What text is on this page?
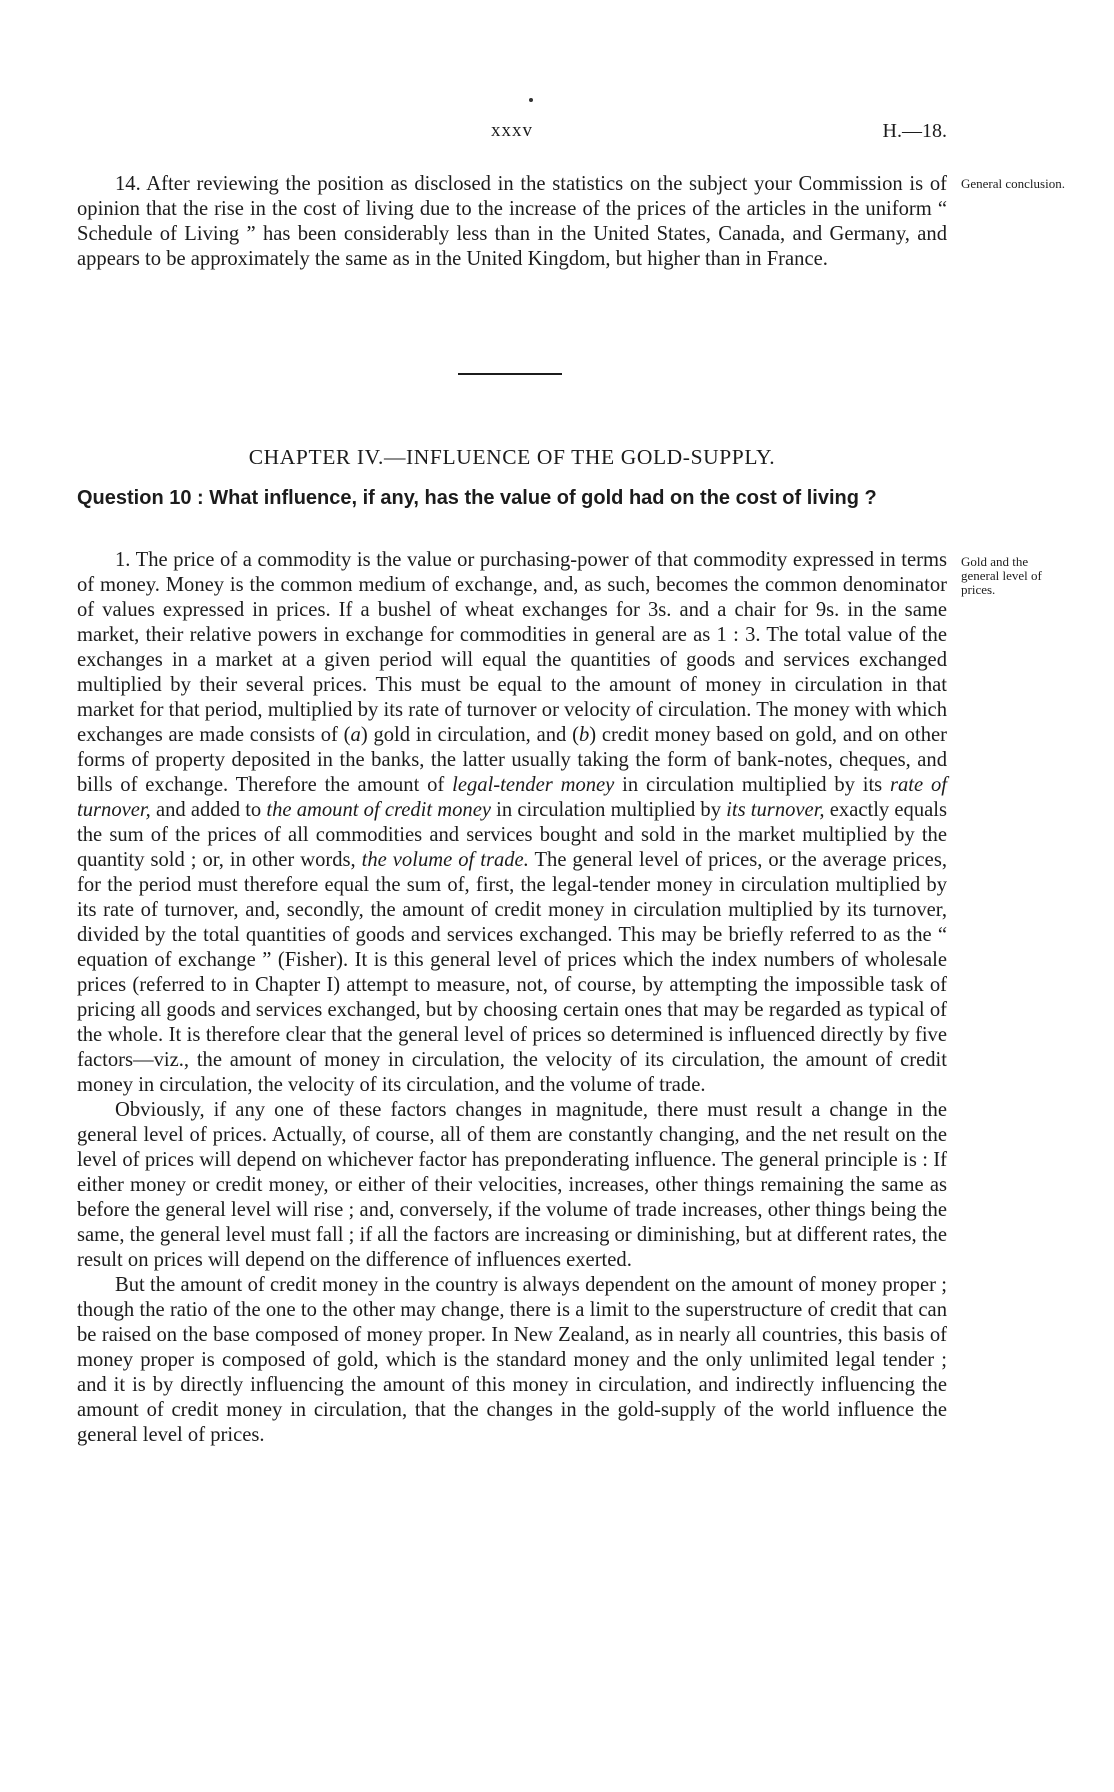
xxxv	H.—18.

14. After reviewing the position as disclosed in the statistics on the subject your Commission is of opinion that the rise in the cost of living due to the increase of the prices of the articles in the uniform “ Schedule of Living ” has been considerably less than in the United States, Canada, and Germany, and appears to be approximately the same as in the United Kingdom, but higher than in France.

General conclusion.
CHAPTER IV.—INFLUENCE OF THE GOLD-SUPPLY.
Question 10 : What influence, if any, has the value of gold had on the cost of living ?

1. The price of a commodity is the value or purchasing-power of that commodity expressed in terms of money. Money is the common medium of exchange, and, as such, becomes the common denominator of values expressed in prices. If a bushel of wheat exchanges for 3s. and a chair for 9s. in the same market, their relative powers in exchange for commodities in general are as 1 : 3. The total value of the exchanges in a market at a given period will equal the quantities of goods and services exchanged multiplied by their several prices. This must be equal to the amount of money in circulation in that market for that period, multiplied by its rate of turnover or velocity of circulation. The money with which exchanges are made consists of (a) gold in circulation, and (b) credit money based on gold, and on other forms of property deposited in the banks, the latter usually taking the form of bank-notes, cheques, and bills of exchange. Therefore the amount of legal-tender money in circulation multiplied by its rate of turnover, and added to the amount of credit money in circulation multiplied by its turnover, exactly equals the sum of the prices of all commodities and services bought and sold in the market multiplied by the quantity sold ; or, in other words, the volume of trade. The general level of prices, or the average prices, for the period must therefore equal the sum of, first, the legal-tender money in circulation multiplied by its rate of turnover, and, secondly, the amount of credit money in circulation multiplied by its turnover, divided by the total quantities of goods and services exchanged. This may be briefly referred to as the “ equation of exchange ” (Fisher). It is this general level of prices which the index numbers of wholesale prices (referred to in Chapter I) attempt to measure, not, of course, by attempting the impossible task of pricing all goods and services exchanged, but by choosing certain ones that may be regarded as typical of the whole. It is therefore clear that the general level of prices so determined is influenced directly by five factors—viz., the amount of money in circulation, the velocity of its circulation, the amount of credit money in circulation, the velocity of its circulation, and the volume of trade.

Obviously, if any one of these factors changes in magnitude, there must result a change in the general level of prices. Actually, of course, all of them are constantly changing, and the net result on the level of prices will depend on whichever factor has preponderating influence. The general principle is : If either money or credit money, or either of their velocities, increases, other things remaining the same as before the general level will rise ; and, conversely, if the volume of trade increases, other things being the same, the general level must fall ; if all the factors are increasing or diminishing, but at different rates, the result on prices will depend on the difference of influences exerted.

But the amount of credit money in the country is always dependent on the amount of money proper ; though the ratio of the one to the other may change, there is a limit to the superstructure of credit that can be raised on the base composed of money proper. In New Zealand, as in nearly all countries, this basis of money proper is composed of gold, which is the standard money and the only unlimited legal tender ; and it is by directly influencing the amount of this money in circulation, and indirectly influencing the amount of credit money in circulation, that the changes in the gold-supply of the world influence the general level of prices.

Gold and the general level of prices.
